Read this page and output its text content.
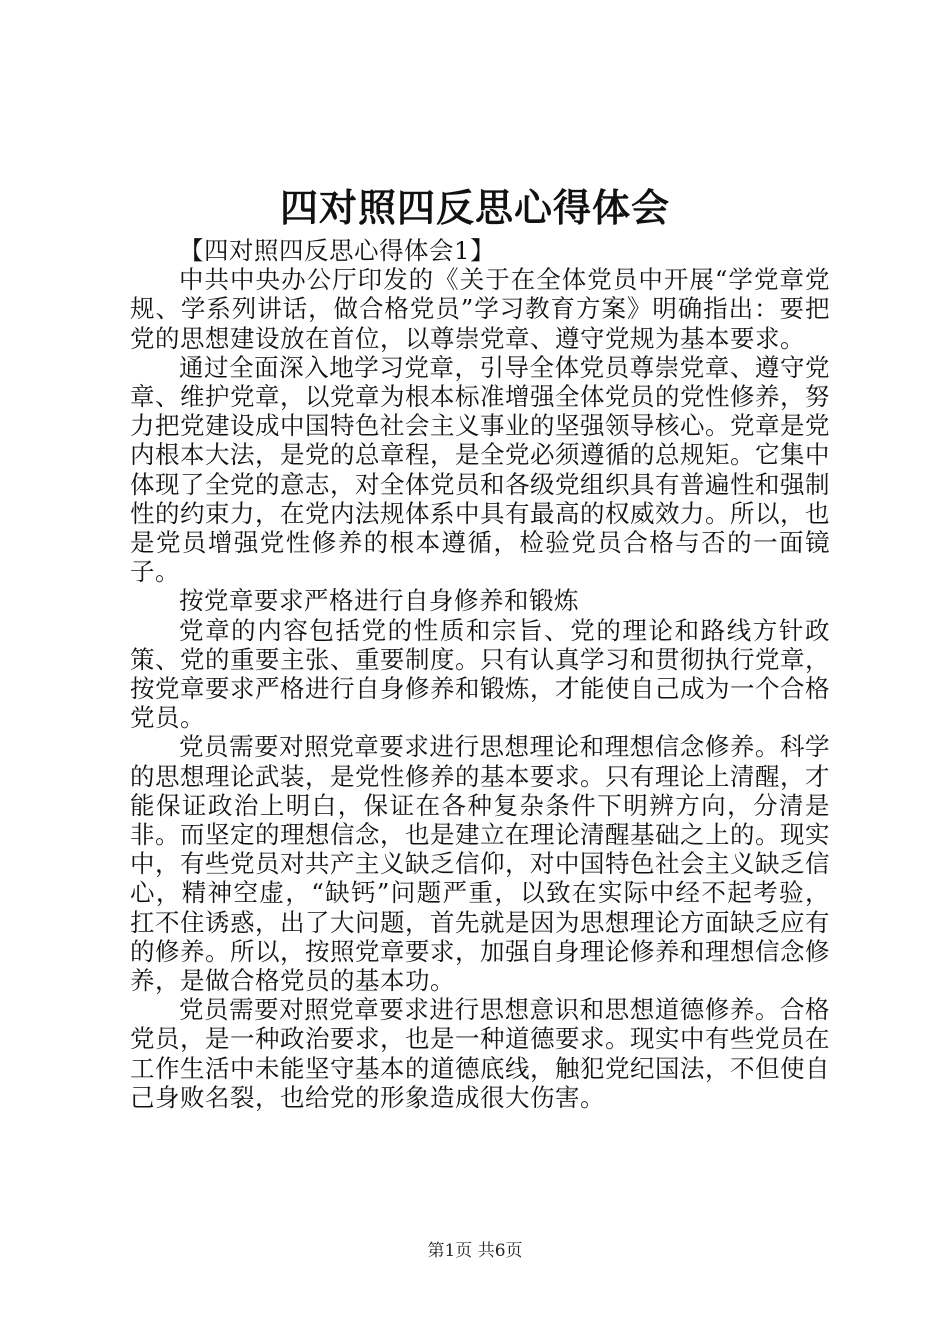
四对照四反思心得体会

【四对照四反思心得体会1】

中共中央办公厅印发的《关于在全体党员中开展“学党章党规、学系列讲话，做合格党员”学习教育方案》明确指出：要把党的思想建设放在首位，以尊崇党章、遵守党规为基本要求。

通过全面深入地学习党章，引导全体党员尊崇党章、遵守党章、维护党章，以党章为根本标准增强全体党员的党性修养，努力把党建设成中国特色社会主义事业的坚强领导核心。党章是党内根本大法，是党的总章程，是全党必须遵循的总规矩。它集中体现了全党的意志，对全体党员和各级党组织具有普遍性和强制性的约束力，在党内法规体系中具有最高的权威效力。所以，也是党员增强党性修养的根本遵循，检验党员合格与否的一面镜子。

按党章要求严格进行自身修养和锻炼

党章的内容包括党的性质和宗旨、党的理论和路线方针政策、党的重要主张、重要制度。只有认真学习和贯彻执行党章，按党章要求严格进行自身修养和锻炼，才能使自己成为一个合格党员。

党员需要对照党章要求进行思想理论和理想信念修养。科学的思想理论武装，是党性修养的基本要求。只有理论上清醒，才能保证政治上明白，保证在各种复杂条件下明辨方向，分清是非。而坚定的理想信念，也是建立在理论清醒基础之上的。现实中，有些党员对共产主义缺乏信仰，对中国特色社会主义缺乏信心，精神空虚，“缺钙”问题严重，以致在实际中经不起考验，扛不住诱惑，出了大问题，首先就是因为思想理论方面缺乏应有的修养。所以，按照党章要求，加强自身理论修养和理想信念修养，是做合格党员的基本功。

党员需要对照党章要求进行思想意识和思想道德修养。合格党员，是一种政治要求，也是一种道德要求。现实中有些党员在工作生活中未能坚守基本的道德底线，触犯党纪国法，不但使自己身败名裂，也给党的形象造成很大伤害。

第1页 共6页
